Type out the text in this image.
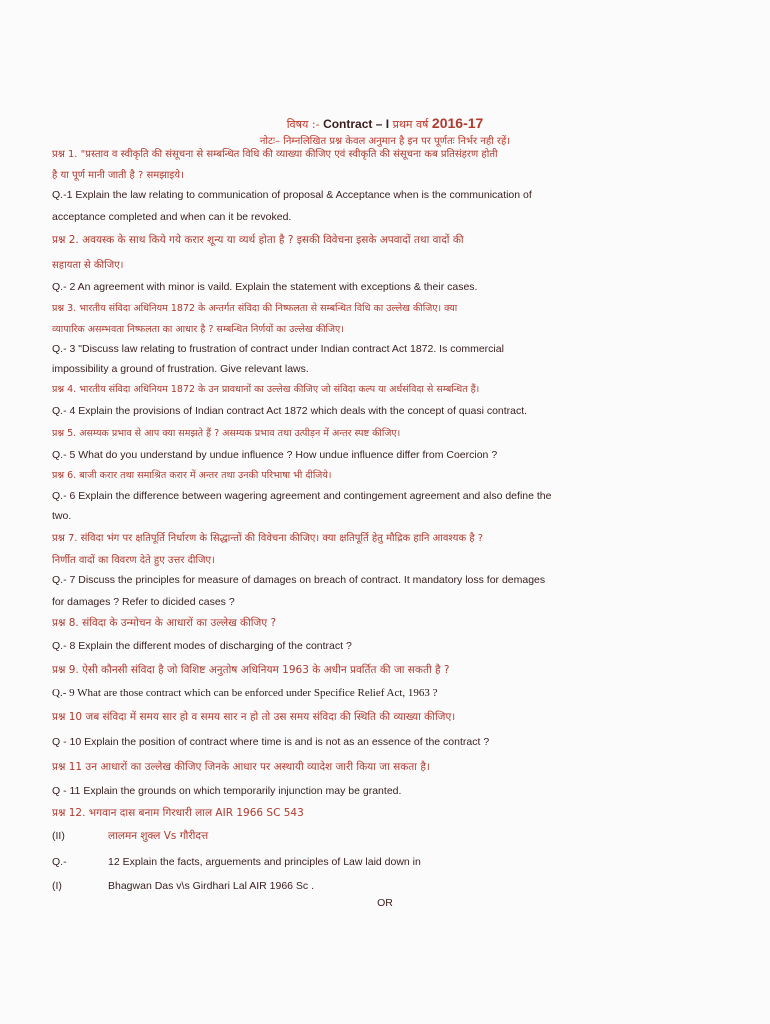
विषय :- Contract – I प्रथम वर्ष 2016-17
नोटः– निम्नलिखित प्रश्न केवल अनुमान है इन पर पूर्णतः निर्भर नही रहें।
प्रश्न 1. "प्रस्ताव व स्वीकृति की संसूचना से सम्बन्धित विधि की व्याख्या कीजिए एवं स्वीकृति की संसूचना कब प्रतिसंहरण होती
है या पूर्ण मानी जाती है ? समझाइये।
Q.-1 Explain the law relating to communication of proposal & Acceptance when is the communication of
acceptance completed and when can it be revoked.
प्रश्न 2. अवयस्क के साथ किये गये करार शून्य या व्यर्थ होता है ? इसकी विवेचना इसके अपवादों तथा वादों की
सहायता से कीजिए।
Q.- 2 An agreement with minor is vaild. Explain the statement with exceptions & their cases.
प्रश्न 3. भारतीय संविदा अधिनियम 1872 के अन्तर्गत संविदा की निष्फलता से सम्बन्धित विधि का उल्लेख कीजिए। क्या
व्यापारिक असम्भवता निष्फलता का आधार है ? सम्बन्धित निर्णयों का उल्लेख कीजिए।
Q.- 3 "Discuss law relating to frustration of contract under Indian contract Act 1872. Is commercial
impossibility a ground of frustration. Give relevant laws.
प्रश्न 4. भारतीय संविदा अधिनियम 1872 के उन प्रावधानों का उल्लेख कीजिए जो संविदा कल्प या अर्धसंविदा से सम्बन्धित हैं।
Q.- 4 Explain the provisions of Indian contract Act 1872 which deals with the concept of quasi contract.
प्रश्न 5. असम्यक प्रभाव से आप क्या समझते हैं ? असम्यक प्रभाव तथा उत्पीड़न में अन्तर स्पष्ट कीजिए।
Q.- 5 What do you understand by undue influence ? How undue influence differ from Coercion ?
प्रश्न 6. बाजी करार तथा समाश्रित करार में अन्तर तथा उनकी परिभाषा भी दीजिये।
Q.- 6 Explain the difference between wagering agreement and contingement agreement and also define the
two.
प्रश्न 7. संविदा भंग पर क्षतिपूर्ति निर्धारण के सिद्धान्तों की विवेचना कीजिए। क्या क्षतिपूर्ति हेतु मौद्रिक हानि आवश्यक है ?
निर्णीत वादों का विवरण देते हुए उत्तर दीजिए।
Q.- 7 Discuss the principles for measure of damages on breach of contract. It mandatory loss for demages
for damages ? Refer to dicided cases ?
प्रश्न 8. संविदा के उन्मोचन के आधारों का उल्लेख कीजिए ?
Q.- 8 Explain the different modes of discharging of the contract ?
प्रश्न 9. ऐसी कौनसी संविदा है जो विशिष्ट अनुतोष अधिनियम 1963 के अधीन प्रवर्तित की जा सकती है ?
Q.- 9 What are those contract which can be enforced under Specifice Relief Act, 1963 ?
प्रश्न 10 जब संविदा में समय सार हो व समय सार न हो तो उस समय संविदा की स्थिति की व्याख्या कीजिए।
Q - 10 Explain the position of contract where time is and is not as an essence of the contract ?
प्रश्न 11 उन आधारों का उल्लेख कीजिए जिनके आधार पर अस्थायी व्यादेश जारी किया जा सकता है।
Q - 11 Explain the grounds on which temporarily injunction may be granted.
प्रश्न 12. भगवान दास बनाम गिरधारी लाल AIR 1966 SC 543
(II)	लालमन शुक्ल Vs गौरीदत्त
Q.-	12 Explain the facts, arguements and principles of Law laid down in
(I)	Bhagwan Das v\s Girdhari Lal AIR 1966 Sc .
OR
